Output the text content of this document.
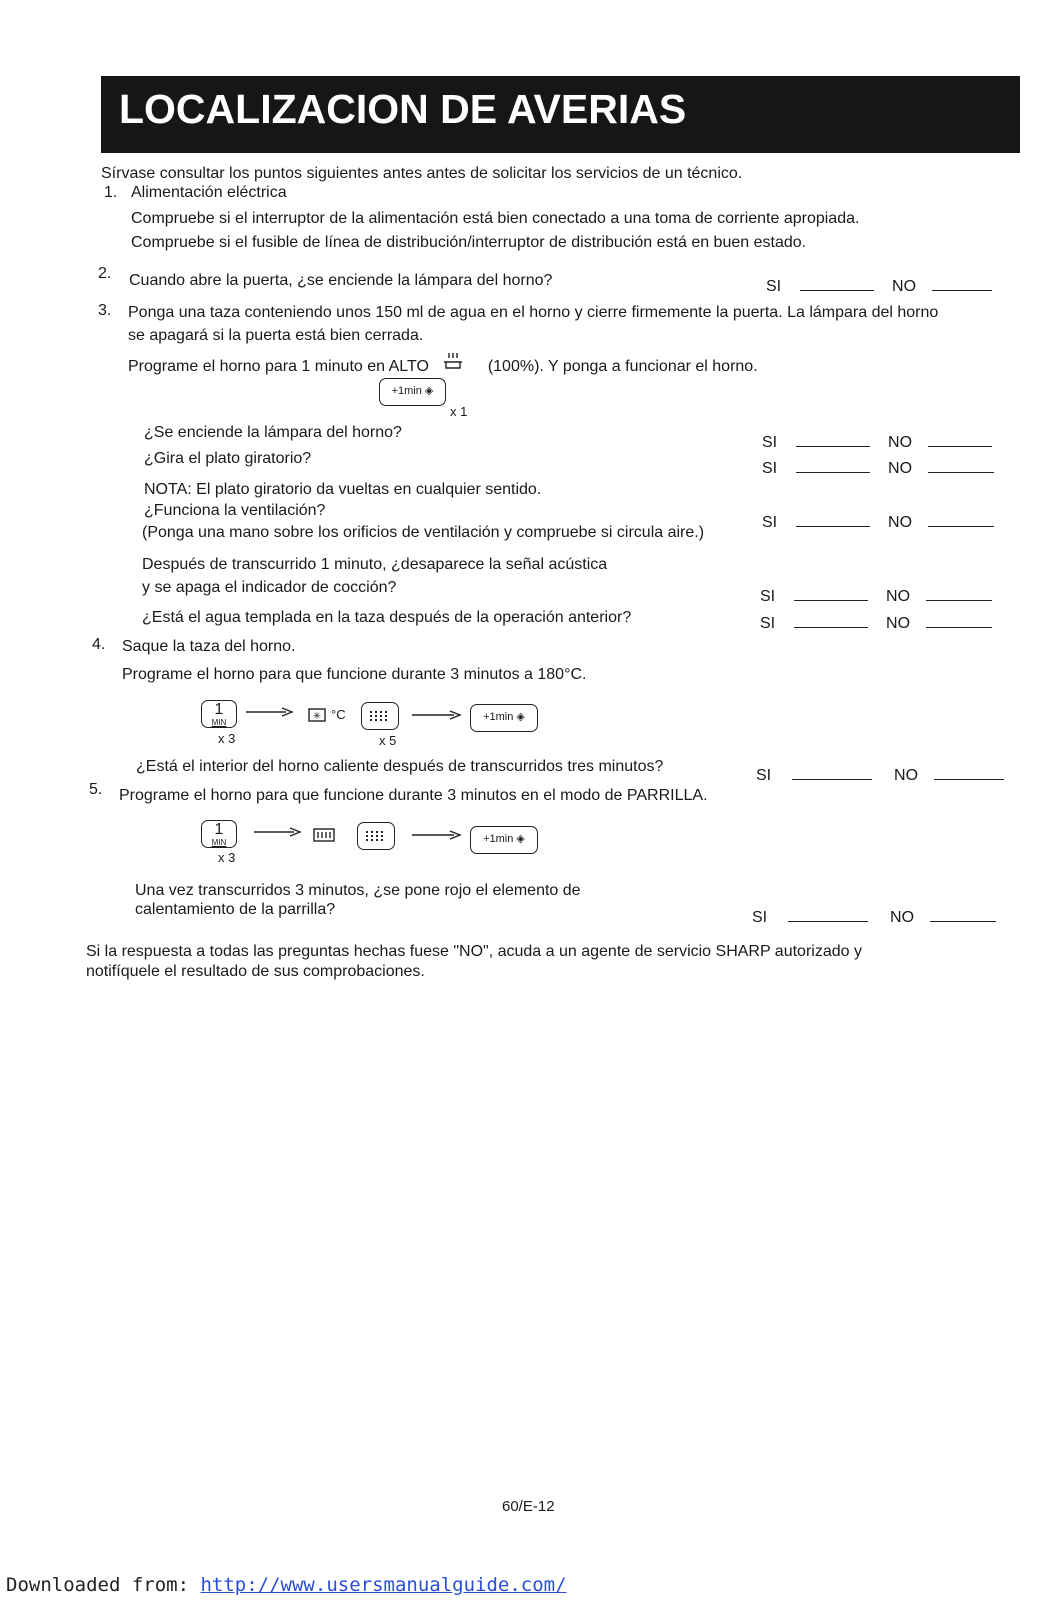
LOCALIZACION DE AVERIAS
Sírvase consultar los puntos siguientes antes antes de solicitar los servicios de un técnico.
1. Alimentación eléctrica
Compruebe si el interruptor de la alimentación está bien conectado a una toma de corriente apropiada.
Compruebe si el fusible de línea de distribución/interruptor de distribución está en buen estado.
2. Cuando abre la puerta, ¿se enciende la lámpara del horno?	SI	NO
3. Ponga una taza conteniendo unos 150 ml de agua en el horno y cierre firmemente la puerta. La lámpara del horno
se apagará si la puerta está bien cerrada.
Programe el horno para 1 minuto en ALTO	(100%). Y ponga a funcionar el horno.
+1min ◈
x 1
¿Se enciende la lámpara del horno?
SI	NO
¿Gira el plato giratorio?
SI	NO
NOTA: El plato giratorio da vueltas en cualquier sentido.
¿Funciona la ventilación?
(Ponga una mano sobre los orificios de ventilación y compruebe si circula aire.)
SI	NO
Después de transcurrido 1 minuto, ¿desaparece la señal acústica
y se apaga el indicador de cocción?
SI	NO
¿Está el agua templada en la taza después de la operación anterior?	SI	NO
4. Saque la taza del horno.
Programe el horno para que funcione durante 3 minutos a 180°C.
1
MIN
x 3
✳ °C
x 5
+1min ◈
¿Está el interior del horno caliente después de transcurridos tres minutos?
SI	NO
5. Programe el horno para que funcione durante 3 minutos en el modo de PARRILLA.
1
MIN
x 3
+1min ◈
Una vez transcurridos 3 minutos, ¿se pone rojo el elemento de
calentamiento de la parrilla?	SI	NO
Si la respuesta a todas las preguntas hechas fuese "NO", acuda a un agente de servicio SHARP autorizado y
notifíquele el resultado de sus comprobaciones.
60/E-12
Downloaded from: http://www.usersmanualguide.com/
